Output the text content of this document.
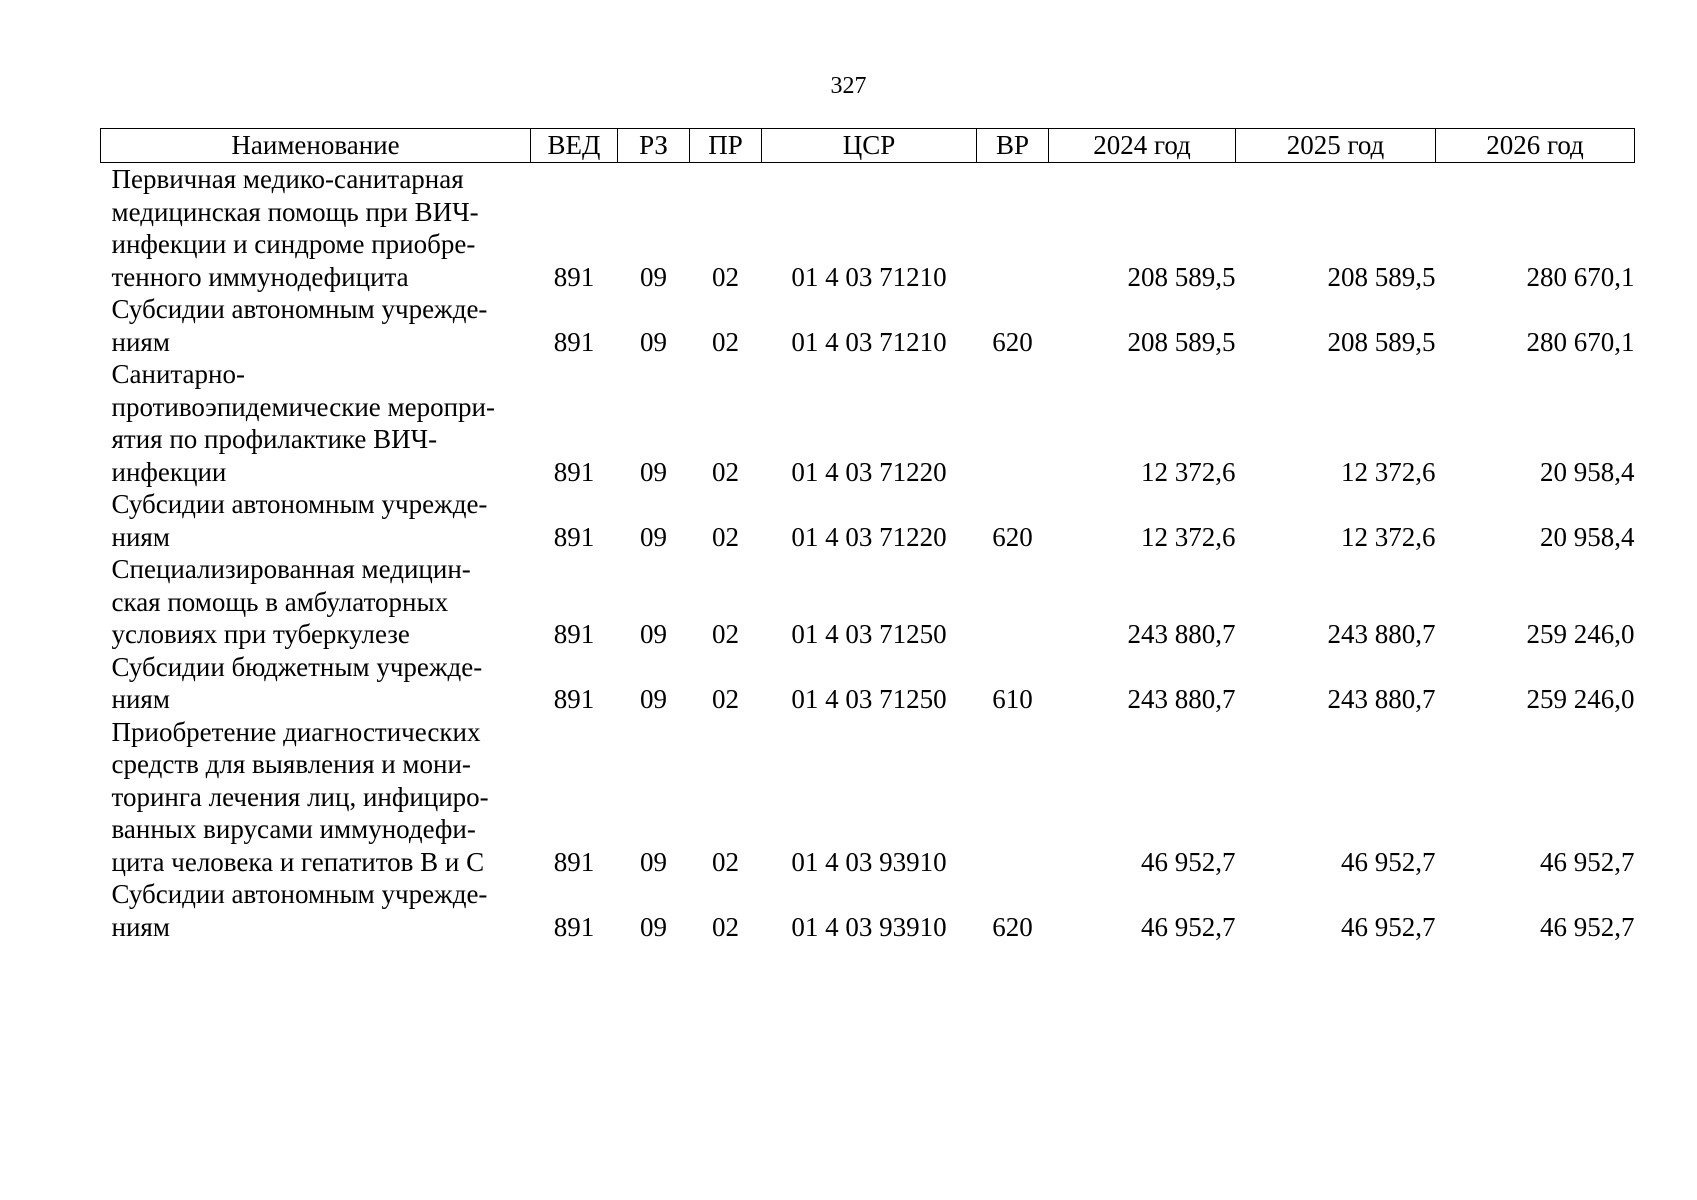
327
Наименование	ВЕД	РЗ	ПР	ЦСР	ВР	2024 год	2025 год	2026 год

Первичная медико-санитарная
медицинская помощь при ВИЧ-
инфекции и синдроме приобре-
тенного иммунодефицита	891	09	02	01 4 03 71210		208 589,5	208 589,5	280 670,1

Субсидии автономным учрежде-
ниям	891	09	02	01 4 03 71210	620	208 589,5	208 589,5	280 670,1

Санитарно-
противоэпидемические меропри-
ятия по профилактике ВИЧ-
инфекции	891	09	02	01 4 03 71220		12 372,6	12 372,6	20 958,4

Субсидии автономным учрежде-
ниям	891	09	02	01 4 03 71220	620	12 372,6	12 372,6	20 958,4

Специализированная медицин-
ская помощь в амбулаторных
условиях при туберкулезе	891	09	02	01 4 03 71250		243 880,7	243 880,7	259 246,0

Субсидии бюджетным учрежде-
ниям	891	09	02	01 4 03 71250	610	243 880,7	243 880,7	259 246,0

Приобретение диагностических
средств для выявления и мони-
торинга лечения лиц, инфициро-
ванных вирусами иммунодефи-
цита человека и гепатитов B и C	891	09	02	01 4 03 93910		46 952,7	46 952,7	46 952,7

Субсидии автономным учрежде-
ниям	891	09	02	01 4 03 93910	620	46 952,7	46 952,7	46 952,7
